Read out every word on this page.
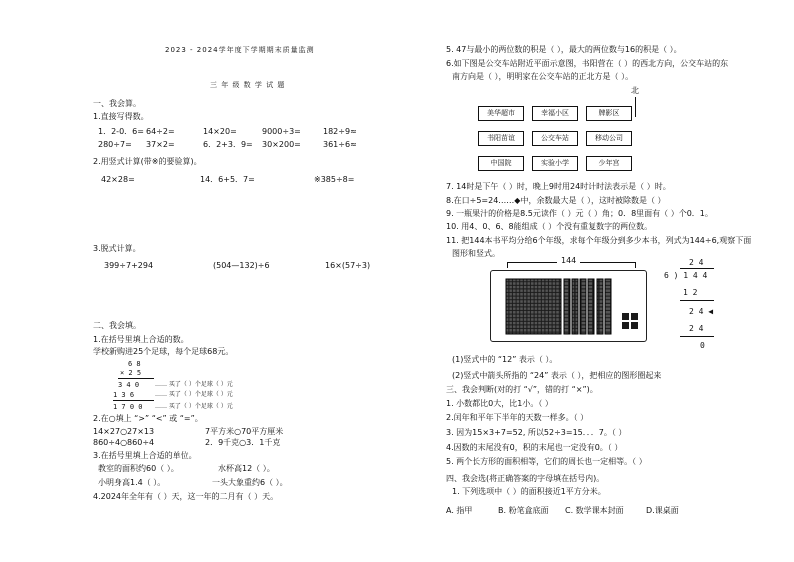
2023 - 2024学年度下学期期末质量监测
三 年 级 数 学 试 题
一、我会算。
1.直接写得数。
1．2-0．6= 64÷2=	14×20=	9000÷3=	182÷9≈
280÷7= 37×2=	6．2+3．9= 30×200=	361÷6≈
2.用竖式计算(带※的要验算)。
42×28=	14．6+5．7=	※385÷8=
3.脱式计算。
399÷7+294	(504—132)÷6	16×(57÷3)
二、我会填。
1.在括号里填上合适的数。
学校新购进25个足球，每个足球68元。
6 8
× 2 5
3 4 0
1 3 6
1 7 0 0
…… 买了（ ）个足球（ ）元
…… 买了（ ）个足球（ ）元
…… 买了（ ）个足球（ ）元
2.在○填上 “>” “<” 或 “=”。
14×27○27×13	7平方米○70平方厘米
860÷4○860÷4	2．9千克○3．1千克
3.在括号里填上合适的单位。
教室的面积约60（ ）。	水杯高12（ ）。
小明身高1.4（ ）。	一头大象重约6（ ）。
4.2024年全年有（ ）天，这一年的二月有（ ）天。
5. 47与最小的两位数的积是（ ），最大的两位数与16的积是（ ）。
6.如下图是公交车站附近平面示意图，书阳营在（ ）的西北方向，公交车站的东
南方向是（ ），明明家在公交车站的正北方是（ ）。
北
美华超市	幸福小区	牌影区
书阳苗谊	公交车站	移动公司
中国院	实验小学	少年宫
7. 14时是下午（ ）时，晚上9时用24时计时法表示是（ ）时。
8.在口÷5=24……◆中，余数最大是（ ），这时被除数是（ ）
9. 一瓶果汁的价格是8.5元读作（ ）元（ ）角；0．8里面有（ ）个0．1。
10. 用4、0、6、8能组成（ ）个没有重复数字的两位数。
11. 把144本书平均分给6个年级，求每个年级分到多少本书，列式为144÷6,观察下面
图形和竖式。
144	2 4
6 ) 1 4 4
1 2
2 4 ◀
2 4
0
(1)竖式中的 “12” 表示（ ）。
(2)竖式中箭头所指的 “24” 表示（ ），把相应的图形圈起来
三、我会判断(对的打 “√”，错的打 “×”)。
1. 小数都比0大，比1小。（ ）
2.闰年和平年下半年的天数一样多。（ ）
3. 因为15×3+7=52, 所以52÷3=15．．．7。（ ）
4.因数的末尾没有0，积的末尾也一定没有0。（ ）
5. 两个长方形的面积相等，它们的周长也一定相等。（ ）
四、我会选(将正确答案的字母填在括号内)。
1. 下列选项中（ ）的面积接近1平方分米。
A. 指甲	B. 粉笔盒底面 C. 数学课本封面	D.课桌面
